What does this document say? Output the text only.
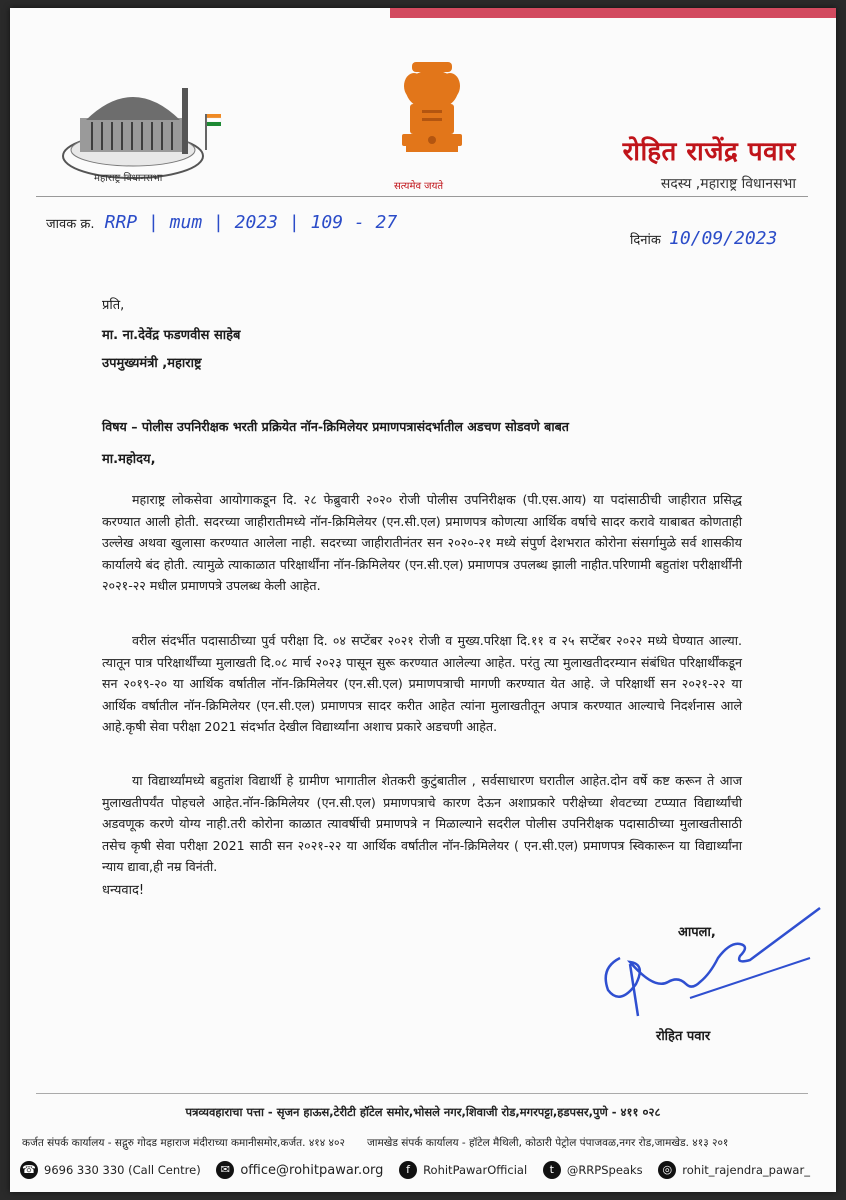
महाराष्ट्र विधानसभा
सत्यमेव जयते
रोहित राजेंद्र पवार
सदस्य ,महाराष्ट्र विधानसभा
जावक क्र. RRP | mum | 2023 | 109 - 27
दिनांक 10/09/2023
प्रति,
मा. ना.देवेंद्र फडणवीस साहेब
उपमुख्यमंत्री ,महाराष्ट्र
विषय – पोलीस उपनिरीक्षक भरती प्रक्रियेत नॉन-क्रिमिलेयर प्रमाणपत्रासंदर्भातील अडचण सोडवणे बाबत
मा.महोदय,
महाराष्ट्र लोकसेवा आयोगाकडून दि. २८ फेब्रुवारी २०२० रोजी पोलीस उपनिरीक्षक (पी.एस.आय) या पदांसाठीची जाहीरात प्रसिद्ध करण्यात आली होती. सदरच्या जाहीरातीमध्ये नॉन-क्रिमिलेयर (एन.सी.एल) प्रमाणपत्र कोणत्या आर्थिक वर्षाचे सादर करावे याबाबत कोणताही उल्लेख अथवा खुलासा करण्यात आलेला नाही. सदरच्या जाहीरातीनंतर सन २०२०-२१ मध्ये संपुर्ण देशभरात कोरोना संसर्गामुळे सर्व शासकीय कार्यालये बंद होती. त्यामुळे त्याकाळात परिक्षार्थींना नॉन-क्रिमिलेयर (एन.सी.एल) प्रमाणपत्र उपलब्ध झाली नाहीत.परिणामी बहुतांश परीक्षार्थींनी २०२१-२२ मधील प्रमाणपत्रे उपलब्ध केली आहेत.
वरील संदर्भीत पदासाठीच्या पुर्व परीक्षा दि. ०४ सप्टेंबर २०२१ रोजी व मुख्य.परिक्षा दि.११ व २५ सप्टेंबर २०२२ मध्ये घेण्यात आल्या. त्यातून पात्र परिक्षार्थींच्या मुलाखती दि.०८ मार्च २०२३ पासून सुरू करण्यात आलेल्या आहेत. परंतु त्या मुलाखतीदरम्यान संबंधित परिक्षार्थींकडून सन २०१९-२० या आर्थिक वर्षातील नॉन-क्रिमिलेयर (एन.सी.एल) प्रमाणपत्राची मागणी करण्यात येत आहे. जे परिक्षार्थी सन २०२१-२२ या आर्थिक वर्षातील नॉन-क्रिमिलेयर (एन.सी.एल) प्रमाणपत्र सादर करीत आहेत त्यांना मुलाखतीतून अपात्र करण्यात आल्याचे निदर्शनास आले आहे.कृषी सेवा परीक्षा 2021 संदर्भात देखील विद्यार्थ्यांना अशाच प्रकारे अडचणी आहेत.
या विद्यार्थ्यांमध्ये बहुतांश विद्यार्थी हे ग्रामीण भागातील शेतकरी कुटुंबातील , सर्वसाधारण घरातील आहेत.दोन वर्षे कष्ट करून ते आज मुलाखतीपर्यंत पोहचले आहेत.नॉन-क्रिमिलेयर (एन.सी.एल) प्रमाणपत्राचे कारण देऊन अशाप्रकारे परीक्षेच्या शेवटच्या टप्प्यात विद्यार्थ्यांची अडवणूक करणे योग्य नाही.तरी कोरोना काळात त्यावर्षीची प्रमाणपत्रे न मिळाल्याने सदरील पोलीस उपनिरीक्षक पदासाठीच्या मुलाखतीसाठी तसेच कृषी सेवा परीक्षा 2021 साठी सन २०२१-२२ या आर्थिक वर्षातील नॉन-क्रिमिलेयर ( एन.सी.एल) प्रमाणपत्र स्विकारून या विद्यार्थ्यांना न्याय द्यावा,ही नम्र विनंती.
धन्यवाद!
आपला,
रोहित पवार
पत्रव्यवहाराचा पत्ता - सृजन हाऊस,टेरीटी हॉटेल समोर,भोसले नगर,शिवाजी रोड,मगरपट्टा,हडपसर,पुणे - ४११ ०२८
कर्जत संपर्क कार्यालय - सद्गुरु गोदड महाराज मंदीराच्या कमानीसमोर,कर्जत. ४१४ ४०२ जामखेड संपर्क कार्यालय - हॉटेल मैथिली, कोठारी पेट्रोल पंपाजवळ,नगर रोड,जामखेड. ४१३ २०१
☎ 9696 330 330 (Call Centre)	✉ office@rohitpawar.org	f	RohitPawarOfficial	t	@RRPSpeaks	◎ rohit_rajendra_pawar_
